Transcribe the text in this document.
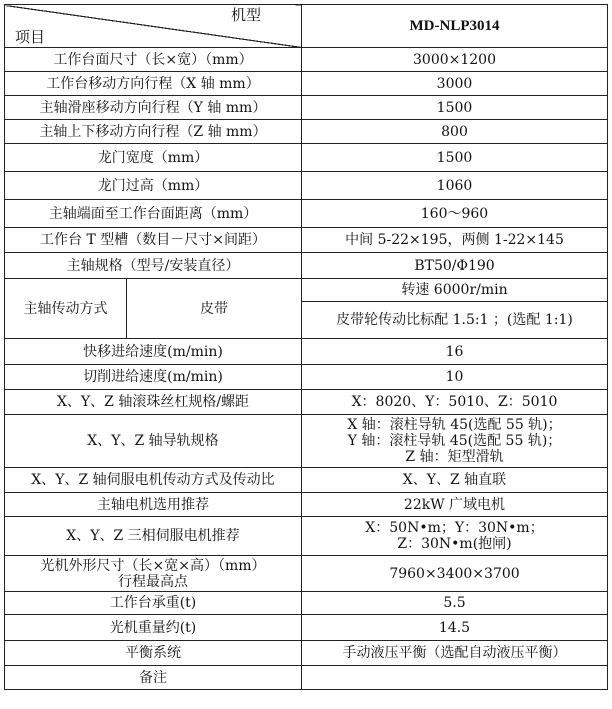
机型
项目		MD-NLP3014
工作台面尺寸（长×宽）（mm）		3000×1200
工作台移动方向行程（X 轴 mm）		3000
主轴滑座移动方向行程（Y 轴 mm）		1500
主轴上下移动方向行程（Z 轴 mm）		800
龙门宽度（mm）		1500
龙门过高（mm）		1060
主轴端面至工作台面距离（mm）		160～960
工作台 T 型槽（数目－尺寸×间距）		中间 5-22×195，两侧 1-22×145
主轴规格（型号/安装直径）		BT50/Φ190
主轴传动方式	皮带	转速 6000r/min
		皮带轮传动比标配 1.5:1 ；(选配 1:1)
快移进给速度(m/min)		16
切削进给速度(m/min)		10
X、Y、Z 轴滚珠丝杠规格/螺距		X：8020、Y：5010、Z：5010
X、Y、Z 轴导轨规格		X 轴：滚柱导轨 45(选配 55 轨)；
Y 轴：滚柱导轨 45(选配 55 轨)；
Z 轴：矩型滑轨

X、Y、Z 轴伺服电机传动方式及传动比		X、Y、Z 轴直联
主轴电机选用推荐		22kW 广域电机
X、Y、Z 三相伺服电机推荐		X：50N•m；Y：30N•m；
Z：30N•m(抱闸)

光机外形尺寸（长×宽×高）（mm）
行程最高点		7960×3400×3700
工作台承重(t)		5.5
光机重量约(t)		14.5
平衡系统		手动液压平衡（选配自动液压平衡）
备注		
